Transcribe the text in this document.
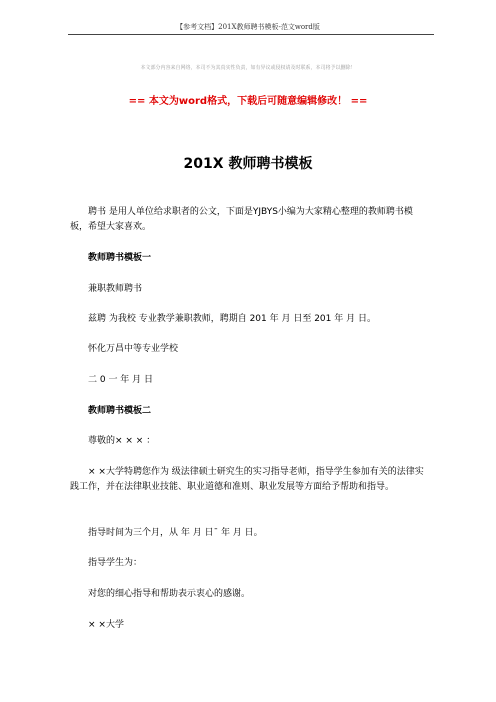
【参考文档】201X教师聘书模板-范文word版
本文部分内容来自网络，本司不为其真实性负责，如有异议或侵权请及时联系，本司将予以删除！
== 本文为word格式，下载后可随意编辑修改！ ==
201X 教师聘书模板
聘书 是用人单位给求职者的公文，下面是YJBYS小编为大家精心整理的教师聘书模板，希望大家喜欢。
教师聘书模板一
兼职教师聘书
兹聘 为我校 专业教学兼职教师，聘期自 201 年 月 日至 201 年 月 日。
怀化万昌中等专业学校
二 0 一 年 月 日
教师聘书模板二
尊敬的× × × ：
× ×大学特聘您作为 级法律硕士研究生的实习指导老师，指导学生参加有关的法律实践工作，并在法律职业技能、职业道德和准则、职业发展等方面给予帮助和指导。
指导时间为三个月，从 年 月 日¯ 年 月 日。
指导学生为：
对您的细心指导和帮助表示衷心的感谢。
× ×大学
